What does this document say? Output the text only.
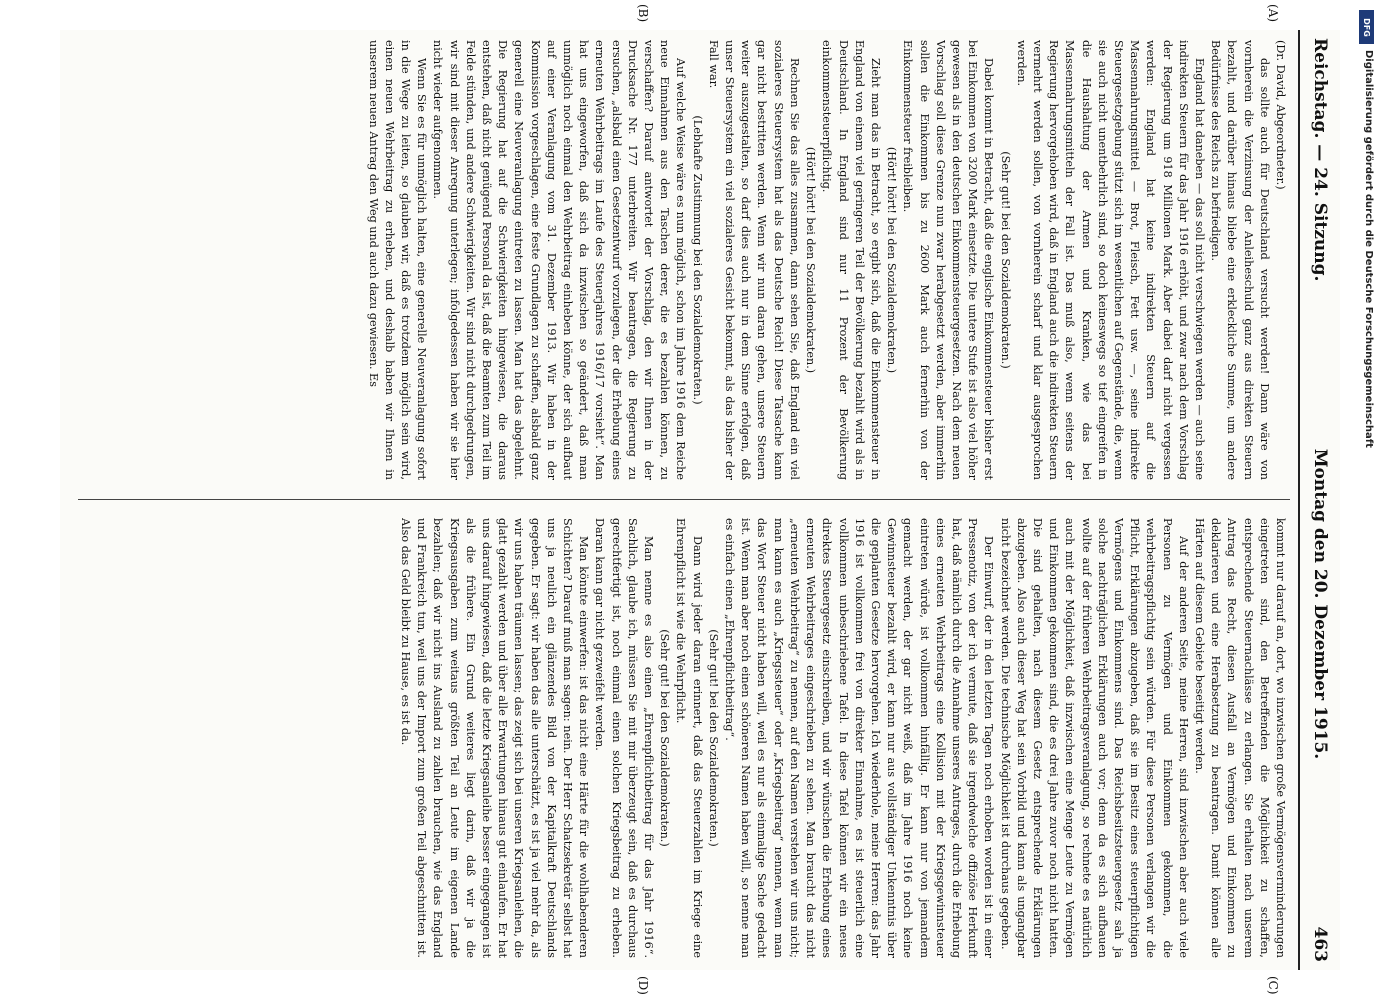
Reichstag. — 24. Sitzung.
Montag den 20. Dezember 1915.
463
(A)
(B)
(C)
(D)

(Dr. David, Abgeordneter.)

das sollte auch für Deutschland versucht werden! Dann wäre von vornherein die Verzinsung der Anleiheschuld ganz aus direkten Steuern bezahlt, und darüber hinaus bliebe eine erkleckliche Summe, um andere Bedürfnisse des Reichs zu befriedigen.

England hat daneben — das soll nicht verschwiegen werden — auch seine indirekten Steuern für das Jahr 1916 erhöht, und zwar nach dem Vorschlag der Regierung um 918 Millionen Mark. Aber dabei darf nicht vergessen werden: England hat keine indirekten Steuern auf die Massennahrungsmittel — Brot, Fleisch, Fett usw. —, seine indirekte Steuergesetzgebung stützt sich im wesentlichen auf Gegenstände, die, wenn sie auch nicht unentbehrlich sind, so doch keineswegs so tief eingreifen in die Haushaltung der Armen und Kranken, wie das bei Massennahrungsmitteln der Fall ist. Das muß also, wenn seitens der Regierung hervorgehoben wird, daß in England auch die indirekten Steuern vermehrt werden sollen, von vornherein scharf und klar ausgesprochen werden.

(Sehr gut! bei den Sozialdemokraten.)

Dabei kommt in Betracht, daß die englische Einkommensteuer bisher erst bei Einkommen von 3200 Mark einsetzte. Die untere Stufe ist also viel höher gewesen als in den deutschen Einkommensteuergesetzen. Nach dem neuen Vorschlag soll diese Grenze nun zwar herabgesetzt werden, aber immerhin sollen die Einkommen bis zu 2600 Mark auch fernerhin von der Einkommensteuer freibleiben.

(Hört! hört! bei den Sozialdemokraten.)

Zieht man das in Betracht, so ergibt sich, daß die Einkommensteuer in England von einem viel geringeren Teil der Bevölkerung bezahlt wird als in Deutschland. In England sind nur 11 Prozent der Bevölkerung einkommensteuerpflichtig.

(Hört! hört! bei den Sozialdemokraten.)

Rechnen Sie das alles zusammen, dann sehen Sie, daß England ein viel sozialeres Steuersystem hat als das Deutsche Reich! Diese Tatsache kann gar nicht bestritten werden. Wenn wir nun daran gehen, unsere Steuern weiter auszugestalten, so darf dies auch nur in dem Sinne erfolgen, daß unser Steuersystem ein viel sozialeres Gesicht bekommt, als das bisher der Fall war.

(Lebhafte Zustimmung bei den Sozialdemokraten.)

Auf welche Weise wäre es nun möglich, schon im Jahre 1916 dem Reiche neue Einnahmen aus den Taschen derer, die es bezahlen können, zu verschaffen? Darauf antwortet der Vorschlag, den wir Ihnen in der Drucksache Nr. 177 unterbreiten. Wir beantragen, die Regierung zu ersuchen, „alsbald einen Gesetzentwurf vorzulegen, der die Erhebung eines erneuten Wehrbeitrags im Laufe des Steuerjahres 1916/17 vorsieht“. Man hat uns eingeworfen, daß sich da inzwischen so geändert, daß man unmöglich noch einmal den Wehrbeitrag einheben könne, der sich aufbaut auf einer Veranlagung vom 31. Dezember 1913. Wir haben in der Kommission vorgeschlagen, eine feste Grundlagen zu schaffen, alsbald ganz generell eine Neuveranlagung eintreten zu lassen. Man hat das abgelehnt. Die Regierung hat auf die Schwierigkeiten hingewiesen, die daraus entstehen, daß nicht genügend Personal da ist, daß die Beamten zum Teil im Felde stünden, und andere Schwierigkeiten. Wir sind nicht durchgedrungen, wir sind mit dieser Anregung unterlegen; infolgedessen haben wir sie hier nicht wieder aufgenommen.

Wenn Sie es für unmöglich halten, eine generelle Neuveranlagung sofort in die Wege zu leiten, so glauben wir, daß es trotzdem möglich sein wird, einen neuen Wehrbeitrag zu erheben, und deshalb haben wir Ihnen in unserem neuen Antrag den Weg und auch dazu gewiesen. Es

kommt nur darauf an, dort, wo inzwischen große Vermögensverminderungen eingetreten sind, den Betreffenden die Möglichkeit zu schaffen, entsprechende Steuernachlässe zu erlangen. Sie erhalten nach unserem Antrag das Recht, diesen Ausfall an Vermögen und Einkommen zu deklarieren und eine Herabsetzung zu beantragen. Damit können alle Härten auf diesem Gebiete beseitigt werden.

Auf der anderen Seite, meine Herren, sind inzwischen aber auch viele Personen zu Vermögen und Einkommen gekommen, die wehrbeitragspflichtig sein würden. Für diese Personen verlangen wir die Pflicht, Erklärungen abzugeben, daß sie im Besitz eines steuerpflichtigen Vermögens und Einkommens sind. Das Reichsbesitzsteuergesetz sah ja solche nachträglichen Erklärungen auch vor; denn da es sich aufbauen wollte auf der früheren Wehrbeitragsveranlagung, so rechnete es natürlich auch mit der Möglichkeit, daß inzwischen eine Menge Leute zu Vermögen und Einkommen gekommen sind, die es drei Jahre zuvor noch nicht hatten. Die sind gehalten, nach diesem Gesetz entsprechende Erklärungen abzugeben. Also auch dieser Weg hat sein Vorbild und kann als ungangbar nicht bezeichnet werden. Die technische Möglichkeit ist durchaus gegeben.

Der Einwurf, der in den letzten Tagen noch erhoben worden ist in einer Pressenotiz, von der ich vermute, daß sie irgendwelche offiziöse Herkunft hat, daß nämlich durch die Annahme unseres Antrages, durch die Erhebung eines erneuten Wehrbeitrags eine Kollision mit der Kriegsgewinnsteuer eintreten würde, ist vollkommen hinfällig. Er kann nur von jemandem gemacht werden, der gar nicht weiß, daß im Jahre 1916 noch keine Gewinnsteuer bezahlt wird, er kann nur aus vollständiger Unkenntnis über die geplanten Gesetze hervorgehen. Ich wiederhole, meine Herren: das Jahr 1916 ist vollkommen frei von direkter Einnahme, es ist steuerlich eine vollkommen unbeschriebene Tafel. In diese Tafel können wir ein neues direktes Steuergesetz einschreiben, und wir wünschen die Erhebung eines erneuten Wehrbeitrages eingeschrieben zu sehen. Man braucht das nicht „erneuten Wehrbeitrag“ zu nennen, auf den Namen verstehen wir uns nicht; man kann es auch „Kriegssteuer“ oder „Kriegsbeitrag“ nennen, wenn man das Wort Steuer nicht haben will, weil es nur als einmalige Sache gedacht ist. Wenn man aber noch einen schöneren Namen haben will, so nenne man es einfach einen „Ehrenpflichtbeitrag“.

(Sehr gut! bei den Sozialdemokraten.)

Dann wird jeder daran erinnert, daß das Steuerzahlen im Kriege eine Ehrenpflicht ist wie die Wehrpflicht.

(Sehr gut! bei den Sozialdemokraten.)

Man nenne es also einen „Ehrenpflichtbeitrag für das Jahr 1916“. Sachlich, glaube ich, müssen Sie mit mir überzeugt sein, daß es durchaus gerechtfertigt ist, noch einmal einen solchen Kriegsbeitrag zu erheben. Daran kann gar nicht gezweifelt werden.

Man könnte einwerfen: ist das nicht eine Härte für die wohlhabenderen Schichten? Darauf muß man sagen: nein. Der Herr Schatzsekretär selbst hat uns ja neulich ein glänzendes Bild von der Kapitalkraft Deutschlands gegeben. Er sagt: wir haben das alle unterschätzt, es ist ja viel mehr da, als wir uns haben träumen lassen; das zeigt sich bei unseren Kriegsanleihen, die glatt gezahlt werden und über alle Erwartungen hinaus gut einlaufen. Er hat uns darauf hingewiesen, daß die letzte Kriegsanleihe besser eingegangen ist als die frühere. Ein Grund weiteres liegt darin, daß wir ja die Kriegsausgaben zum weitaus größten Teil an Leute im eigenen Lande bezahlen; daß wir nicht ins Ausland zu zahlen brauchen, wie das England und Frankreich tun, weil uns der Import zum großen Teil abgeschnitten ist. Also das Geld bleibt zu Hause, es ist da.

DFG
Digitalisierung gefördert durch die Deutsche Forschungsgemeinschaft
